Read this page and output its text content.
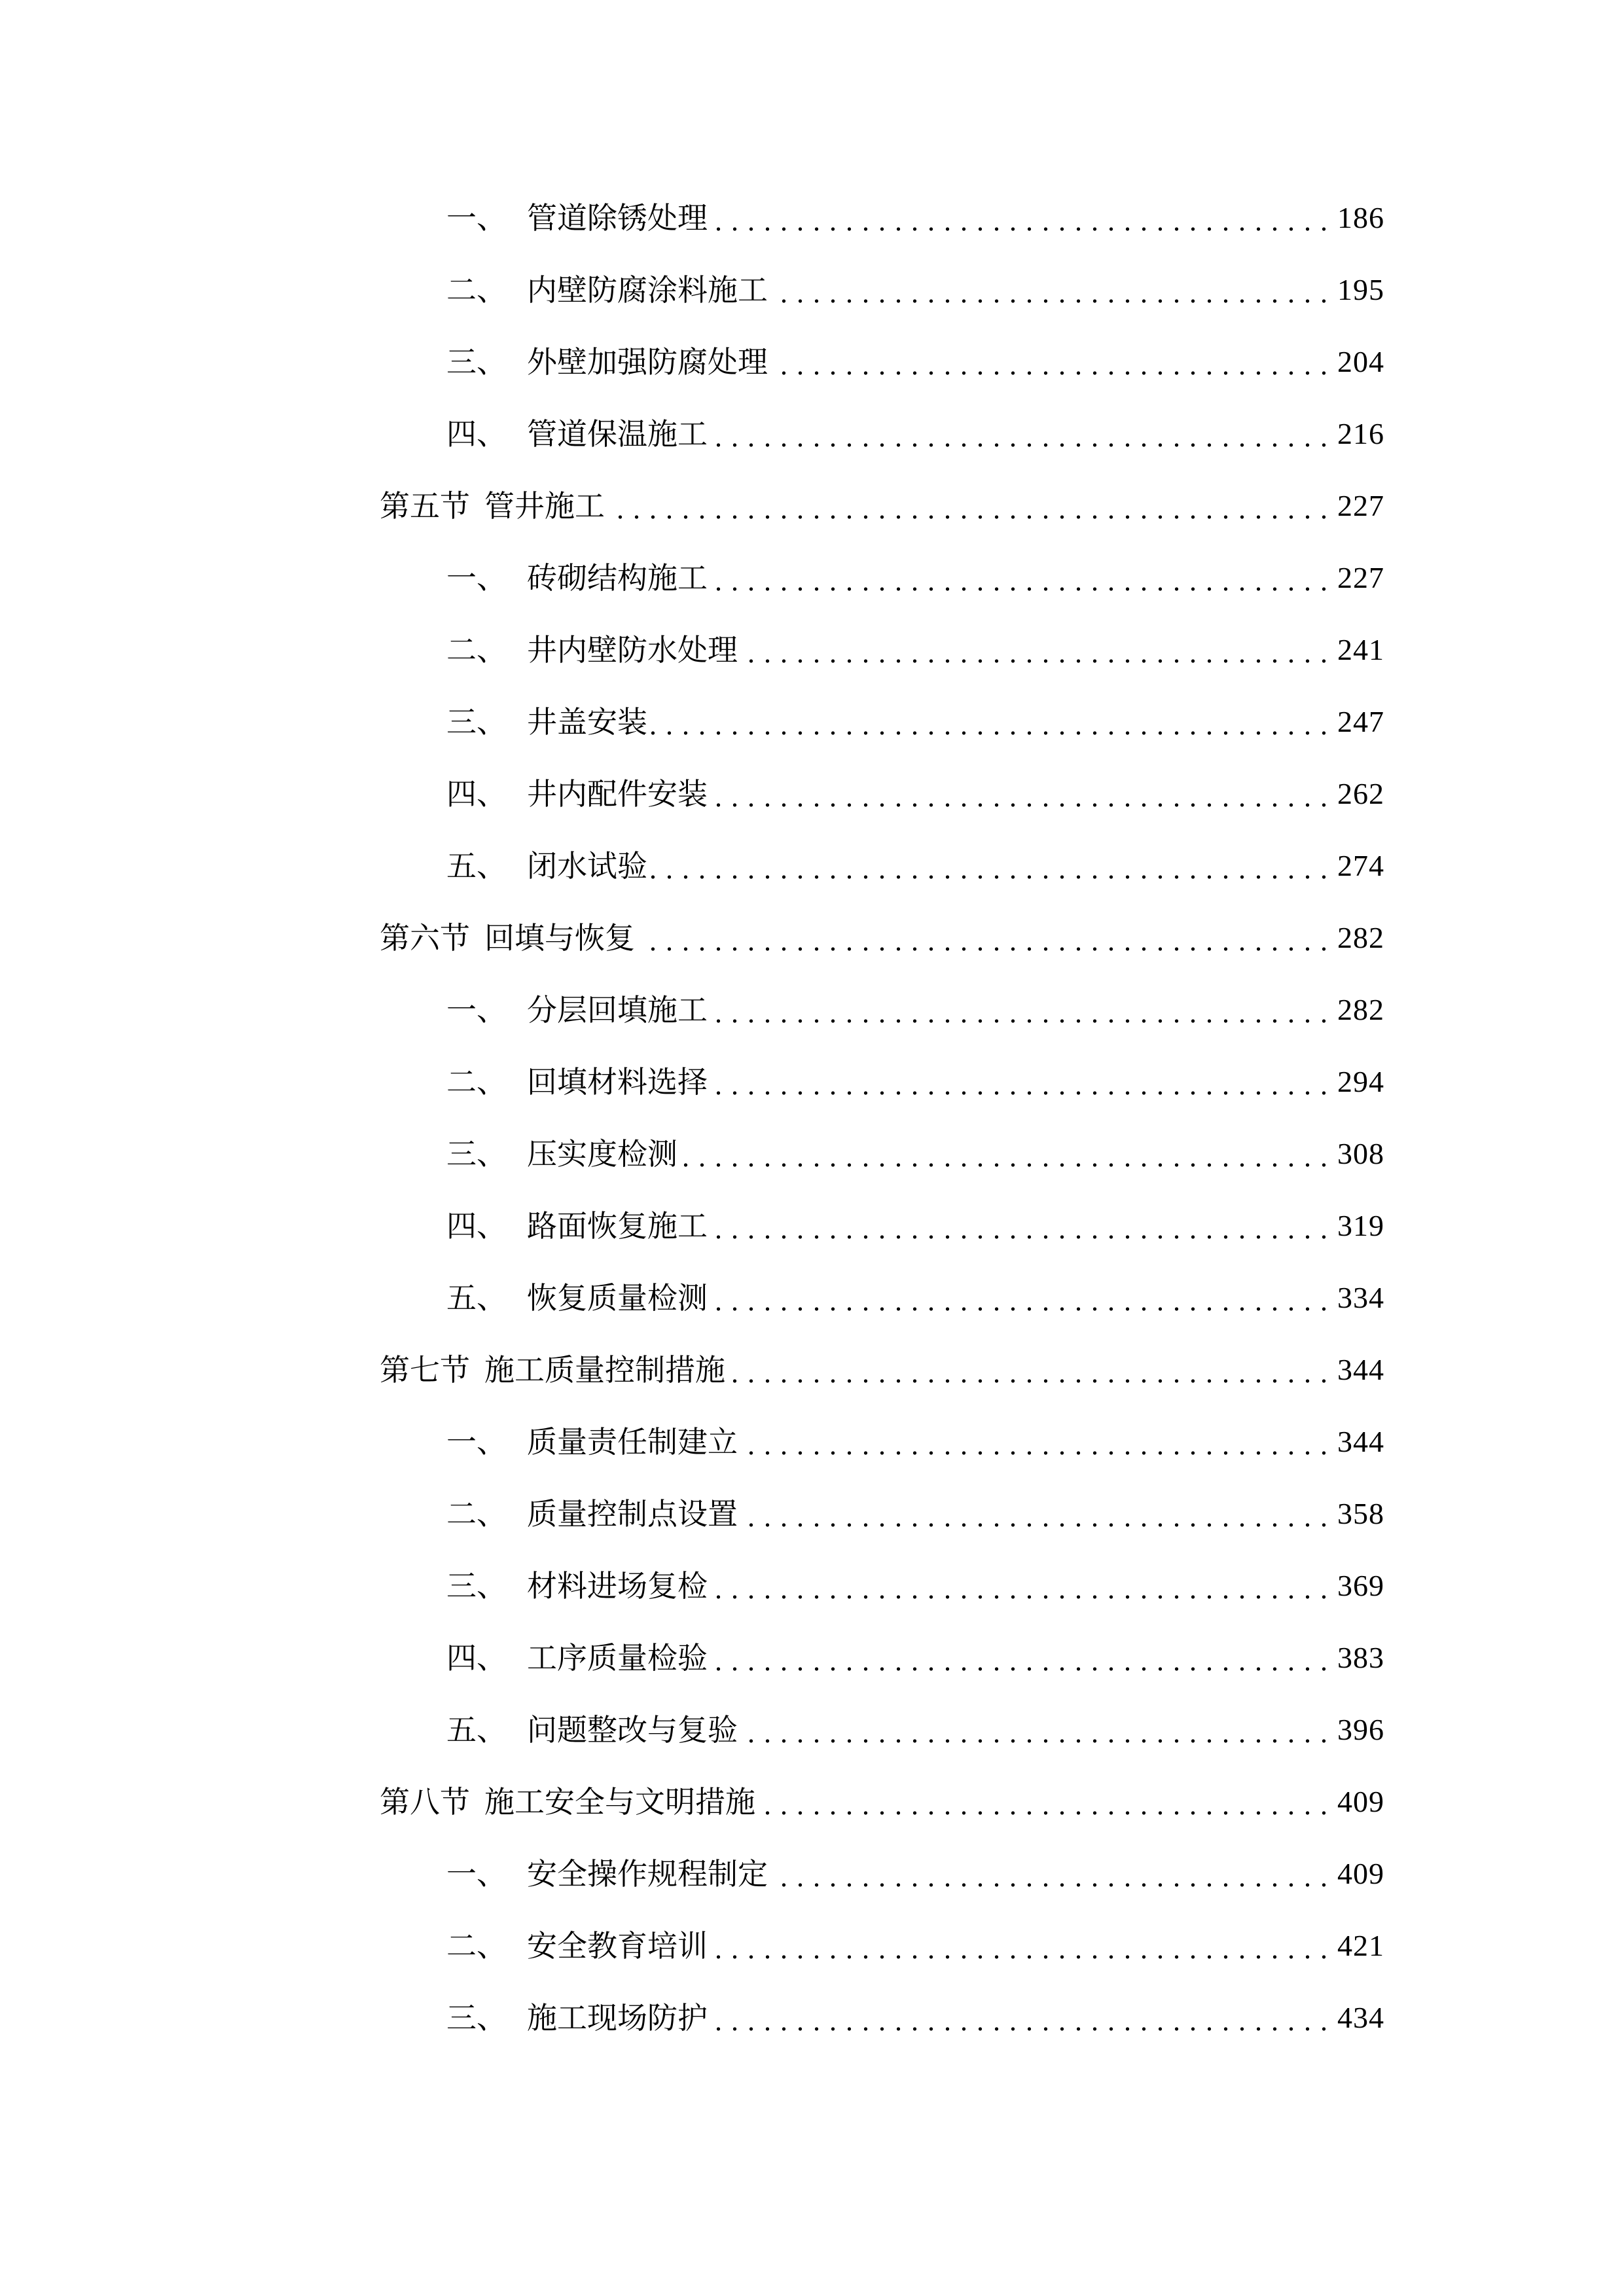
一、 管道除锈处理	186
二、 内壁防腐涂料施工	195
三、 外壁加强防腐处理	204
四、 管道保温施工	216
第五节 管井施工	227
一、 砖砌结构施工	227
二、 井内壁防水处理	241
三、 井盖安装	247
四、 井内配件安装	262
五、 闭水试验	274
第六节 回填与恢复	282
一、 分层回填施工	282
二、 回填材料选择	294
三、 压实度检测	308
四、 路面恢复施工	319
五、 恢复质量检测	334
第七节 施工质量控制措施	344
一、 质量责任制建立	344
二、 质量控制点设置	358
三、 材料进场复检	369
四、 工序质量检验	383
五、 问题整改与复验	396
第八节 施工安全与文明措施	409
一、 安全操作规程制定	409
二、 安全教育培训	421
三、 施工现场防护	434
